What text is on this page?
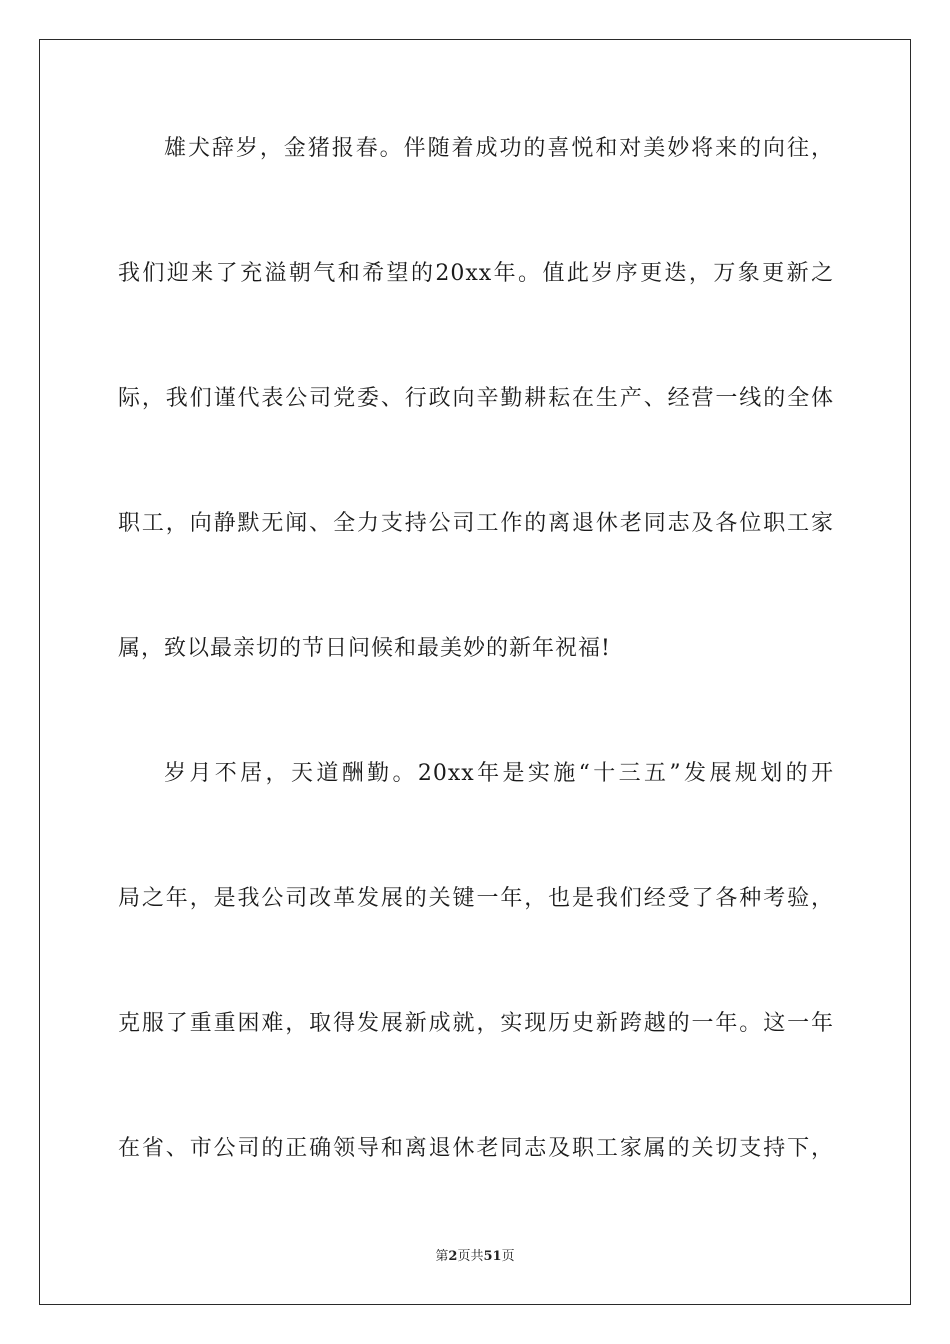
雄犬辞岁，金猪报春。伴随着成功的喜悦和对美妙将来的向往，
我们迎来了充溢朝气和希望的20xx年。值此岁序更迭，万象更新之
际，我们谨代表公司党委、行政向辛勤耕耘在生产、经营一线的全体
职工，向静默无闻、全力支持公司工作的离退休老同志及各位职工家
属，致以最亲切的节日问候和最美妙的新年祝福!
岁月不居，天道酬勤。20xx年是实施“十三五”发展规划的开
局之年，是我公司改革发展的关键一年，也是我们经受了各种考验，
克服了重重困难，取得发展新成就，实现历史新跨越的一年。这一年
在省、市公司的正确领导和离退休老同志及职工家属的关切支持下，
第2页共51页
